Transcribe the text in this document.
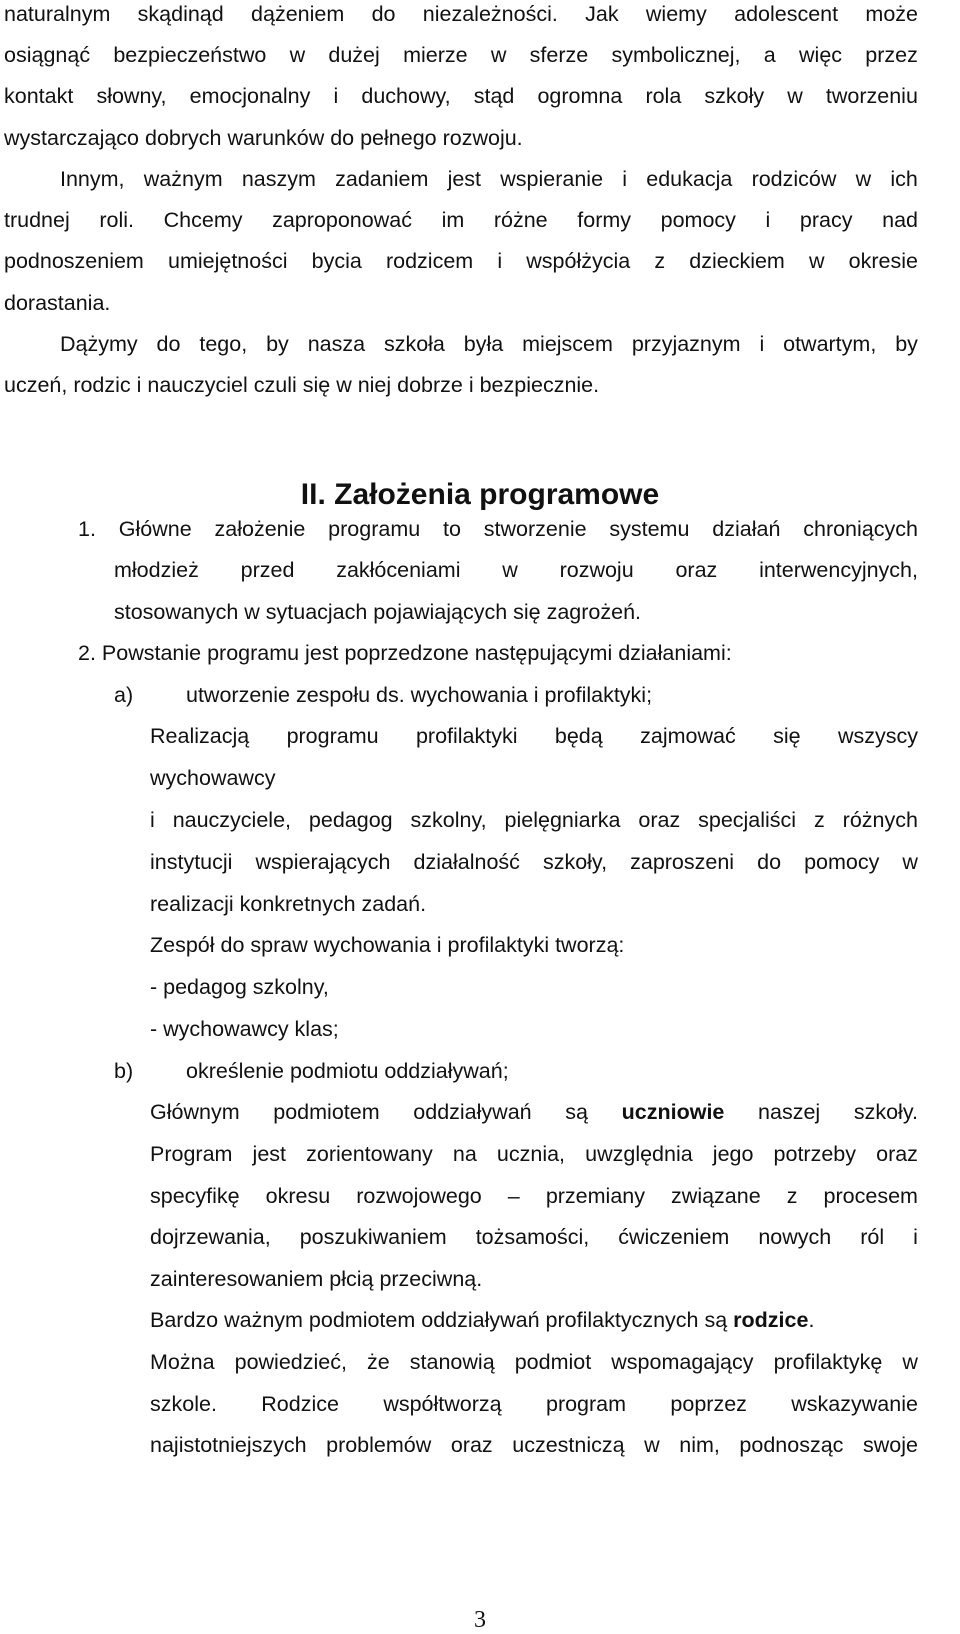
naturalnym skądinąd dążeniem do niezależności. Jak wiemy adolescent może
osiągnąć bezpieczeństwo w dużej mierze w sferze symbolicznej, a więc przez
kontakt słowny, emocjonalny i duchowy, stąd ogromna rola szkoły w tworzeniu
wystarczająco dobrych warunków do pełnego rozwoju.
Innym, ważnym naszym zadaniem jest wspieranie i edukacja rodziców w ich
trudnej roli. Chcemy zaproponować im różne formy pomocy i pracy nad
podnoszeniem umiejętności bycia rodzicem i współżycia z dzieckiem w okresie
dorastania.
Dążymy do tego, by nasza szkoła była miejscem przyjaznym i otwartym, by
uczeń, rodzic i nauczyciel czuli się w niej dobrze i bezpiecznie.
II. Założenia programowe
1. Główne założenie programu to stworzenie systemu działań chroniących
młodzież przed zakłóceniami w rozwoju oraz interwencyjnych,
stosowanych w sytuacjach pojawiających się zagrożeń.
2. Powstanie programu jest poprzedzone następującymi działaniami:
a) utworzenie zespołu ds. wychowania i profilaktyki;
Realizacją programu profilaktyki będą zajmować się wszyscy
wychowawcy
i nauczyciele, pedagog szkolny, pielęgniarka oraz specjaliści z różnych
instytucji wspierających działalność szkoły, zaproszeni do pomocy w
realizacji konkretnych zadań.
Zespół do spraw wychowania i profilaktyki tworzą:
- pedagog szkolny,
- wychowawcy klas;
b) określenie podmiotu oddziaływań;
Głównym podmiotem oddziaływań są uczniowie naszej szkoły.
Program jest zorientowany na ucznia, uwzględnia jego potrzeby oraz
specyfikę okresu rozwojowego – przemiany związane z procesem
dojrzewania, poszukiwaniem tożsamości, ćwiczeniem nowych ról i
zainteresowaniem płcią przeciwną.
Bardzo ważnym podmiotem oddziaływań profilaktycznych są rodzice.
Można powiedzieć, że stanowią podmiot wspomagający profilaktykę w
szkole. Rodzice współtworzą program poprzez wskazywanie
najistotniejszych problemów oraz uczestniczą w nim, podnosząc swoje
3
